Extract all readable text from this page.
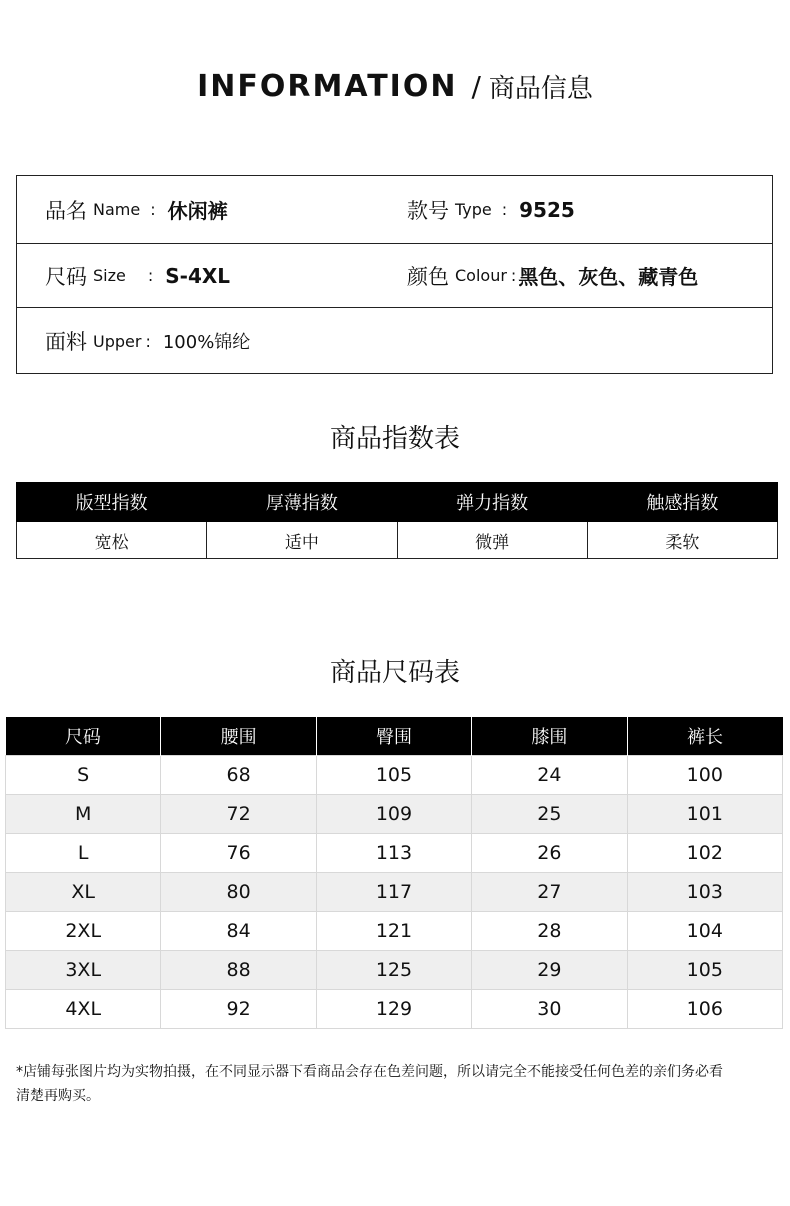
INFORMATION / 商品信息
品名 Name : 休闲裤	款号 Type : 9525
尺码 Size : S-4XL	颜色 Colour : 黑色、灰色、藏青色
面料 Upper : 100%锦纶
商品指数表
版型指数	厚薄指数	弹力指数	触感指数
宽松	适中	微弹	柔软
商品尺码表
尺码	腰围	臀围	膝围	裤长
S	68	105	24	100
M	72	109	25	101
L	76	113	26	102
XL	80	117	27	103
2XL	84	121	28	104
3XL	88	125	29	105
4XL	92	129	30	106
*店铺每张图片均为实物拍摄，在不同显示器下看商品会存在色差问题，所以请完全不能接受任何色差的亲们务必看清楚再购买。
